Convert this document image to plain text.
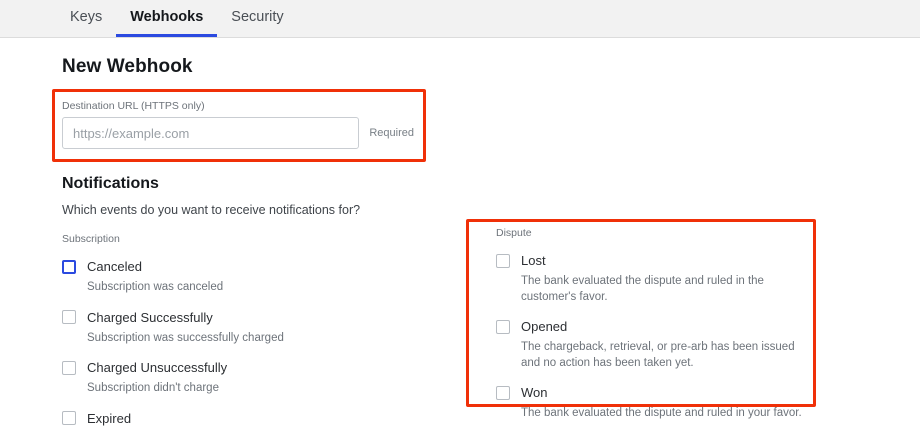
Keys Webhooks Security
New Webhook
Destination URL (HTTPS only)
https://example.com
Required
Notifications
Which events do you want to receive notifications for?
Subscription
Canceled
Subscription was canceled
Charged Successfully
Subscription was successfully charged
Charged Unsuccessfully
Subscription didn't charge
Expired
Dispute
Lost
The bank evaluated the dispute and ruled in the customer's favor.
Opened
The chargeback, retrieval, or pre-arb has been issued and no action has been taken yet.
Won
The bank evaluated the dispute and ruled in your favor.
